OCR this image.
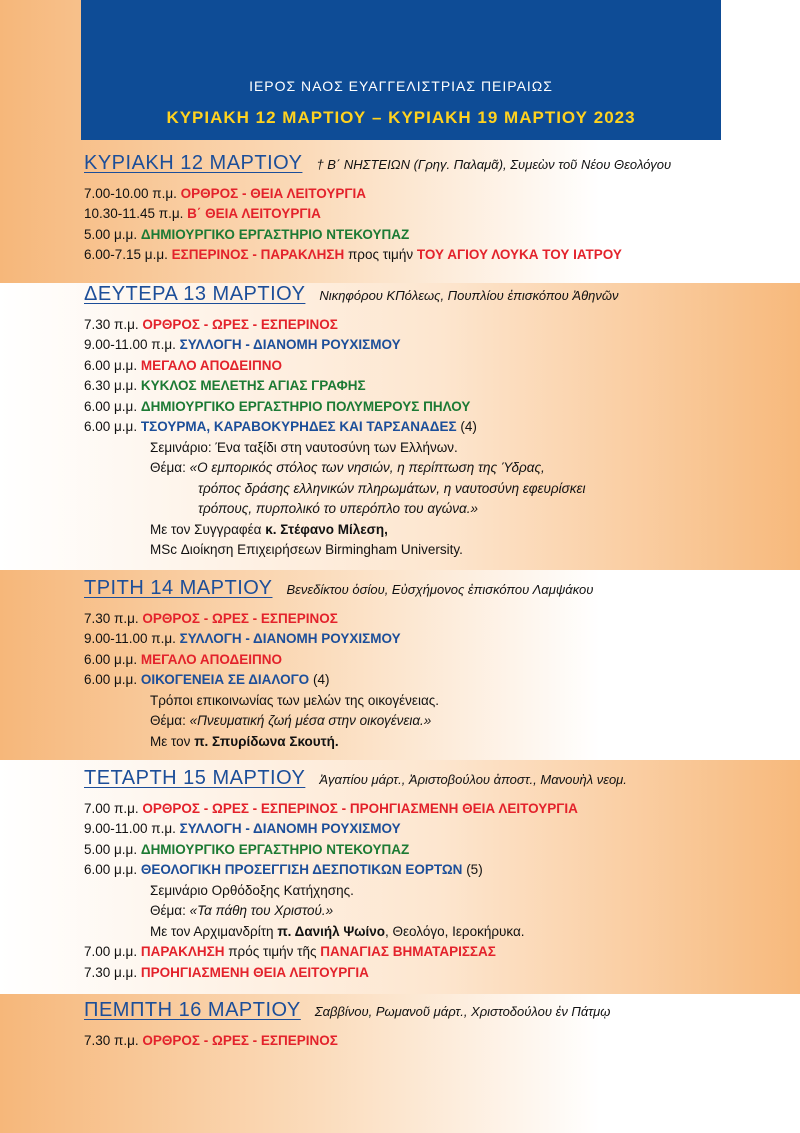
ΙΕΡΟΣ ΝΑΟΣ ΕΥΑΓΓΕΛΙΣΤΡΙΑΣ ΠΕΙΡΑΙΩΣ
ΚΥΡΙΑΚΗ 12 ΜΑΡΤΙΟΥ – ΚΥΡΙΑΚΗ 19 ΜΑΡΤΙΟΥ 2023
ΚΥΡΙΑΚΗ 12 ΜΑΡΤΙΟΥ † Β΄ ΝΗΣΤΕΙΩΝ (Γρηγ. Παλαμᾶ), Συμεὼν τοῦ Νέου Θεολόγου
7.00-10.00 π.μ. ΟΡΘΡΟΣ - ΘΕΙΑ ΛΕΙΤΟΥΡΓΙΑ
10.30-11.45 π.μ. Β΄ ΘΕΙΑ ΛΕΙΤΟΥΡΓΙΑ
5.00 μ.μ. ΔΗΜΙΟΥΡΓΙΚΟ ΕΡΓΑΣΤΗΡΙΟ ΝΤΕΚΟΥΠΑΖ
6.00-7.15 μ.μ. ΕΣΠΕΡΙΝΟΣ - ΠΑΡΑΚΛΗΣΗ προς τιμήν ΤΟΥ ΑΓΙΟΥ ΛΟΥΚΑ ΤΟΥ ΙΑΤΡΟΥ
ΔΕΥΤΕΡΑ 13 ΜΑΡΤΙΟΥ Νικηφόρου ΚΠόλεως, Πουπλίου ἐπισκόπου Ἀθηνῶν
7.30 π.μ. ΟΡΘΡΟΣ - ΩΡΕΣ - ΕΣΠΕΡΙΝΟΣ
9.00-11.00 π.μ. ΣΥΛΛΟΓΗ - ΔΙΑΝΟΜΗ ΡΟΥΧΙΣΜΟΥ
6.00 μ.μ. ΜΕΓΑΛΟ ΑΠΟΔΕΙΠΝΟ
6.30 μ.μ. ΚΥΚΛΟΣ ΜΕΛΕΤΗΣ ΑΓΙΑΣ ΓΡΑΦΗΣ
6.00 μ.μ. ΔΗΜΙΟΥΡΓΙΚΟ ΕΡΓΑΣΤΗΡΙΟ ΠΟΛΥΜΕΡΟΥΣ ΠΗΛΟΥ
6.00 μ.μ. ΤΣΟΥΡΜΑ, ΚΑΡΑΒΟΚΥΡΗΔΕΣ ΚΑΙ ΤΑΡΣΑΝΑΔΕΣ (4)
Σεμινάριο: Ένα ταξίδι στη ναυτοσύνη των Ελλήνων.
Θέμα: «Ο εμπορικός στόλος των νησιών, η περίπτωση της Ύδρας,
τρόπος δράσης ελληνικών πληρωμάτων, η ναυτοσύνη εφευρίσκει
τρόπους, πυρπολικό το υπερόπλο του αγώνα.»
Με τον Συγγραφέα κ. Στέφανο Μίλεση,
MSc Διοίκηση Επιχειρήσεων Birmingham University.
ΤΡΙΤΗ 14 ΜΑΡΤΙΟΥ Βενεδίκτου ὁσίου, Εὐσχήμονος ἐπισκόπου Λαμψάκου
7.30 π.μ. ΟΡΘΡΟΣ - ΩΡΕΣ - ΕΣΠΕΡΙΝΟΣ
9.00-11.00 π.μ. ΣΥΛΛΟΓΗ - ΔΙΑΝΟΜΗ ΡΟΥΧΙΣΜΟΥ
6.00 μ.μ. ΜΕΓΑΛΟ ΑΠΟΔΕΙΠΝΟ
6.00 μ.μ. ΟΙΚΟΓΕΝΕΙΑ ΣΕ ΔΙΑΛΟΓΟ (4)
Τρόποι επικοινωνίας των μελών της οικογένειας.
Θέμα: «Πνευματική ζωή μέσα στην οικογένεια.»
Με τον π. Σπυρίδωνα Σκουτή.
ΤΕΤΑΡΤΗ 15 ΜΑΡΤΙΟΥ Ἀγαπίου μάρτ., Ἀριστοβούλου ἀποστ., Μανουὴλ νεομ.
7.00 π.μ. ΟΡΘΡΟΣ - ΩΡΕΣ - ΕΣΠΕΡΙΝΟΣ - ΠΡΟΗΓΙΑΣΜΕΝΗ ΘΕΙΑ ΛΕΙΤΟΥΡΓΙΑ
9.00-11.00 π.μ. ΣΥΛΛΟΓΗ - ΔΙΑΝΟΜΗ ΡΟΥΧΙΣΜΟΥ
5.00 μ.μ. ΔΗΜΙΟΥΡΓΙΚΟ ΕΡΓΑΣΤΗΡΙΟ ΝΤΕΚΟΥΠΑΖ
6.00 μ.μ. ΘΕΟΛΟΓΙΚΗ ΠΡΟΣΕΓΓΙΣΗ ΔΕΣΠΟΤΙΚΩΝ ΕΟΡΤΩΝ (5)
Σεμινάριο Ορθόδοξης Κατήχησης.
Θέμα: «Τα πάθη του Χριστού.»
Με τον Αρχιμανδρίτη π. Δανιήλ Ψωίνο, Θεολόγο, Ιεροκήρυκα.
7.00 μ.μ. ΠΑΡΑΚΛΗΣΗ πρός τιμήν τῆς ΠΑΝΑΓΙΑΣ ΒΗΜΑΤΑΡΙΣΣΑΣ
7.30 μ.μ. ΠΡΟΗΓΙΑΣΜΕΝΗ ΘΕΙΑ ΛΕΙΤΟΥΡΓΙΑ
ΠΕΜΠΤΗ 16 ΜΑΡΤΙΟΥ Σαββίνου, Ρωμανοῦ μάρτ., Χριστοδούλου ἐν Πάτμῳ
7.30 π.μ. ΟΡΘΡΟΣ - ΩΡΕΣ - ΕΣΠΕΡΙΝΟΣ
